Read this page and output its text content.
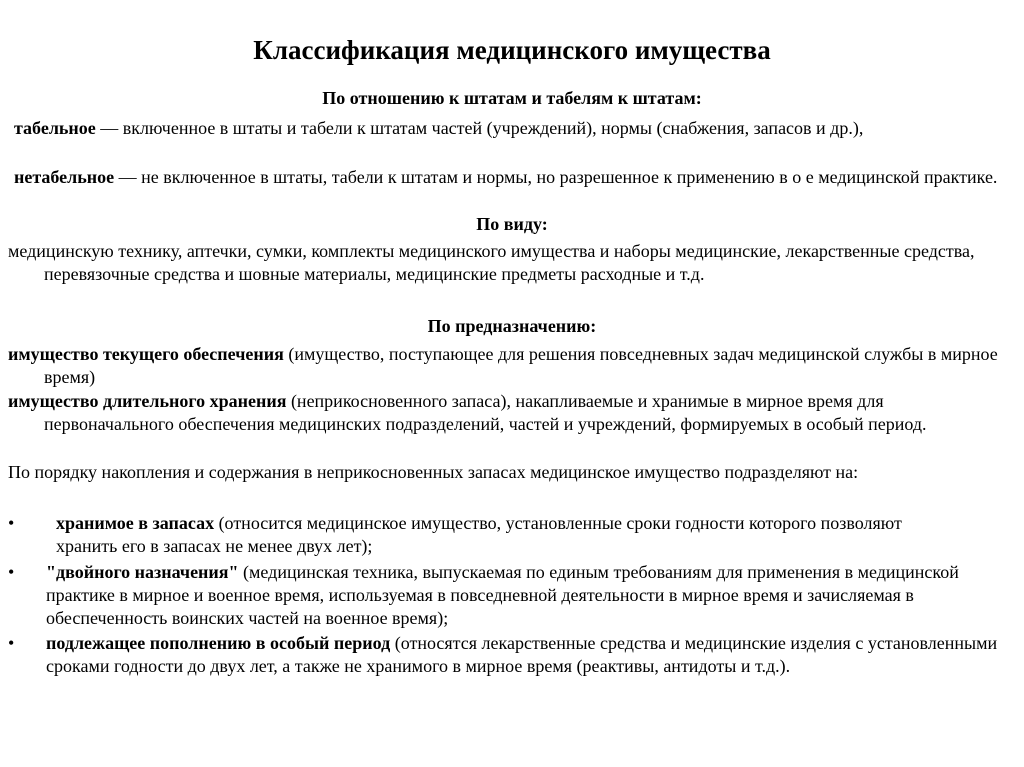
Классификация медицинского имущества
По отношению к штатам и табелям к штатам:
табельное — включенное в штаты и табели к штатам частей (учреждений), нормы (снабжения, запасов и др.),
нетабельное — не включенное в штаты, табели к штатам и нормы, но разрешенное к применению в о е медицинской практике.
По виду:
медицинскую технику, аптечки, сумки, комплекты медицинского имущества и наборы медицинские, лекарственные средства, перевязочные средства и шовные материалы, медицинские предметы расходные и т.д.
По предназначению:
имущество текущего обеспечения (имущество, поступающее для решения повседневных задач медицинской службы в мирное время)
имущество длительного хранения (неприкосновенного запаса), накапливаемые и хранимые в мирное время для первоначального обеспечения медицинских подразделений, частей и учреждений, формируемых в особый период.
По порядку накопления и содержания в неприкосновенных запасах медицинское имущество подразделяют на:
•	хранимое в запасах (относится медицинское имущество, установленные сроки годности которого позволяют хранить его в запасах не менее двух лет);
•	"двойного назначения" (медицинская техника, выпускаемая по единым требованиям для применения в медицинской практике в мирное и военное время, используемая в повседневной деятельности в мирное время и зачисляемая в обеспеченность воинских частей на военное время);
•	подлежащее пополнению в особый период (относятся лекарственные средства и медицинские изделия с установленными сроками годности до двух лет, а также не хранимого в мирное время (реактивы, антидоты и т.д.).
